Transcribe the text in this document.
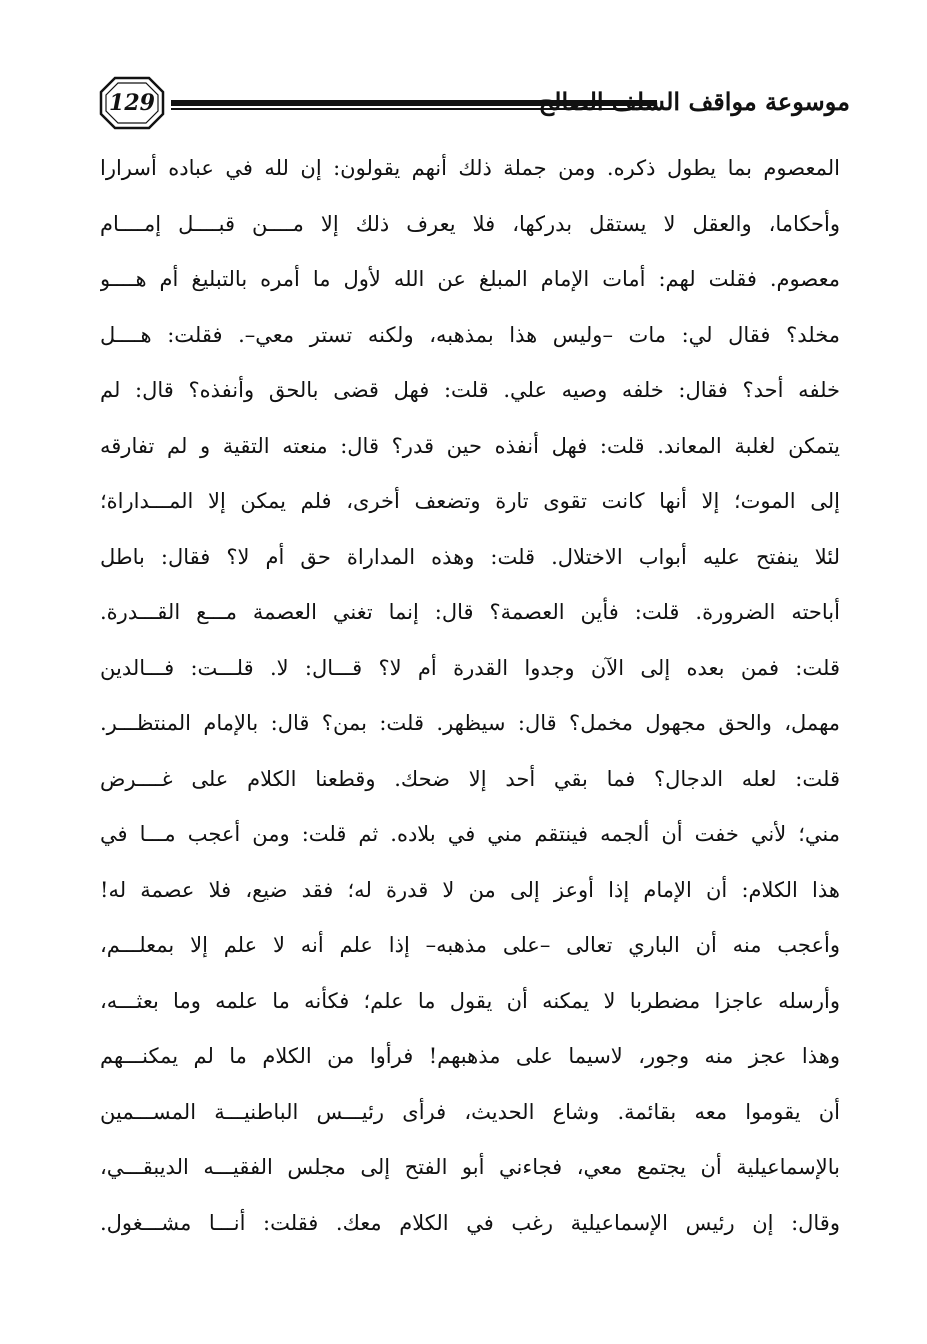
129	موسوعة مواقف السلف الصالح
المعصوم بما يطول ذكره. ومن جملة ذلك أنهم يقولون: إن لله في عباده أسرارا
وأحكاما، والعقل لا يستقل بدركها، فلا يعرف ذلك إلا مــــن قبــــل إمــــام
معصوم. فقلت لهم: أمات الإمام المبلغ عن الله لأول ما أمره بالتبليغ أم هــــو
مخلد؟ فقال لي: مات –وليس هذا بمذهبه، ولكنه تستر معي–. فقلت: هــــل
خلفه أحد؟ فقال: خلفه وصيه علي. قلت: فهل قضى بالحق وأنفذه؟ قال: لم
يتمكن لغلبة المعاند. قلت: فهل أنفذه حين قدر؟ قال: منعته التقية و لم تفارقه
إلى الموت؛ إلا أنها كانت تقوى تارة وتضعف أخرى، فلم يمكن إلا المـــداراة؛
لئلا ينفتح عليه أبواب الاختلال. قلت: وهذه المداراة حق أم لا؟ فقال: باطل
أباحته الضرورة. قلت: فأين العصمة؟ قال: إنما تغني العصمة مـــع القـــدرة.
قلت: فمن بعده إلى الآن وجدوا القدرة أم لا؟ قـــال: لا. قلـــت: فـــالدين
مهمل، والحق مجهول مخمل؟ قال: سيظهر. قلت: بمن؟ قال: بالإمام المنتظـــر.
قلت: لعله الدجال؟ فما بقي أحد إلا ضحك. وقطعنا الكلام على غــــرض
مني؛ لأني خفت أن ألجمه فينتقم مني في بلاده. ثم قلت: ومن أعجب مـــا في
هذا الكلام: أن الإمام إذا أوعز إلى من لا قدرة له؛ فقد ضيع، فلا عصمة له!
وأعجب منه أن الباري تعالى –على مذهبه– إذا علم أنه لا علم إلا بمعلـــم،
وأرسله عاجزا مضطربا لا يمكنه أن يقول ما علم؛ فكأنه ما علمه وما بعثـــه،
وهذا عجز منه وجور، لاسيما على مذهبهم! فرأوا من الكلام ما لم يمكنـــهم
أن يقوموا معه بقائمة. وشاع الحديث، فرأى رئيـــس الباطنيـــة المســـمين
بالإسماعيلية أن يجتمع معي، فجاءني أبو الفتح إلى مجلس الفقيـــه الديبقـــي،
وقال: إن رئيس الإسماعيلية رغب في الكلام معك. فقلت: أنـــا مشـــغول.
